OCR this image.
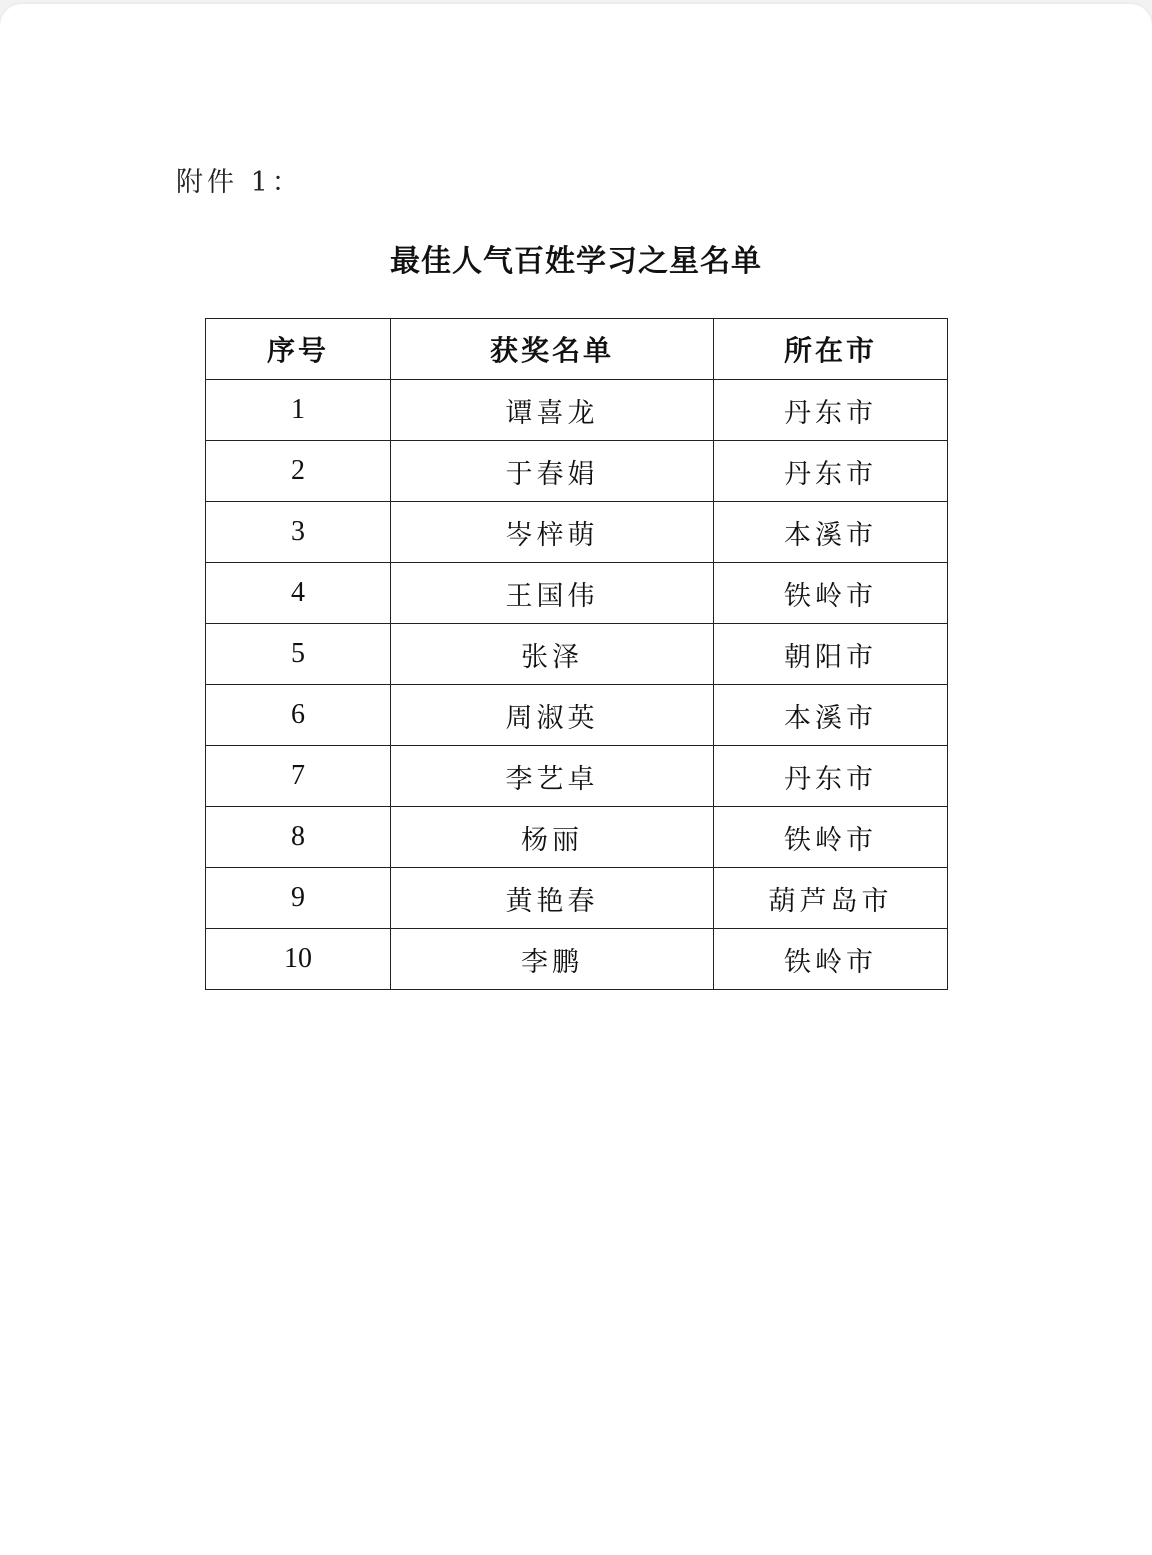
附件 1：
最佳人气百姓学习之星名单
序号	获奖名单	所在市
1	谭喜龙	丹东市
2	于春娟	丹东市
3	岑梓萌	本溪市
4	王国伟	铁岭市
5	张泽	朝阳市
6	周淑英	本溪市
7	李艺卓	丹东市
8	杨丽	铁岭市
9	黄艳春	葫芦岛市
10	李鹏	铁岭市
